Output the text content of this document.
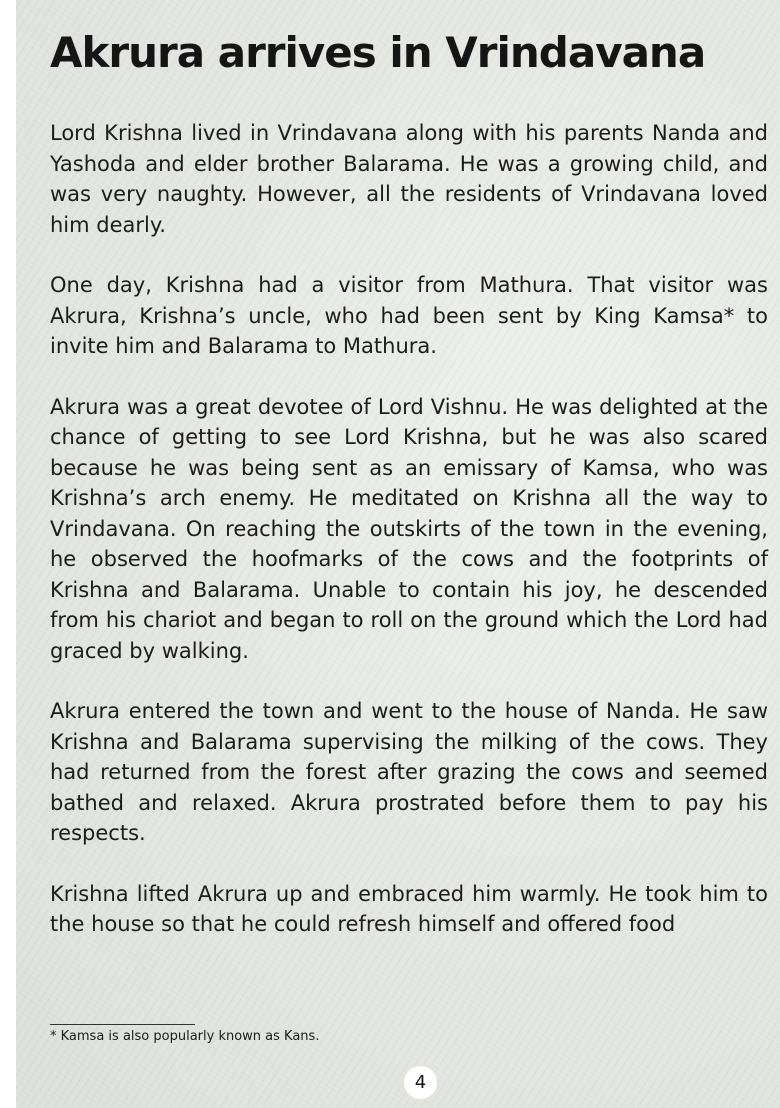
Akrura arrives in Vrindavana

Lord Krishna lived in Vrindavana along with his parents Nanda and Yashoda and elder brother Balarama. He was a growing child, and was very naughty. However, all the residents of Vrindavana loved him dearly.

One day, Krishna had a visitor from Mathura. That visitor was Akrura, Krishna’s uncle, who had been sent by King Kamsa* to invite him and Balarama to Mathura.

Akrura was a great devotee of Lord Vishnu. He was delighted at the chance of getting to see Lord Krishna, but he was also scared because he was being sent as an emissary of Kamsa, who was Krishna’s arch enemy. He meditated on Krishna all the way to Vrindavana. On reaching the outskirts of the town in the evening, he observed the hoofmarks of the cows and the footprints of Krishna and Balarama. Unable to contain his joy, he descended from his chariot and began to roll on the ground which the Lord had graced by walking.

Akrura entered the town and went to the house of Nanda. He saw Krishna and Balarama supervising the milking of the cows. They had returned from the forest after grazing the cows and seemed bathed and relaxed. Akrura prostrated before them to pay his respects.

Krishna lifted Akrura up and embraced him warmly. He took him to the house so that he could refresh himself and offered food

* Kamsa is also popularly known as Kans.
4
